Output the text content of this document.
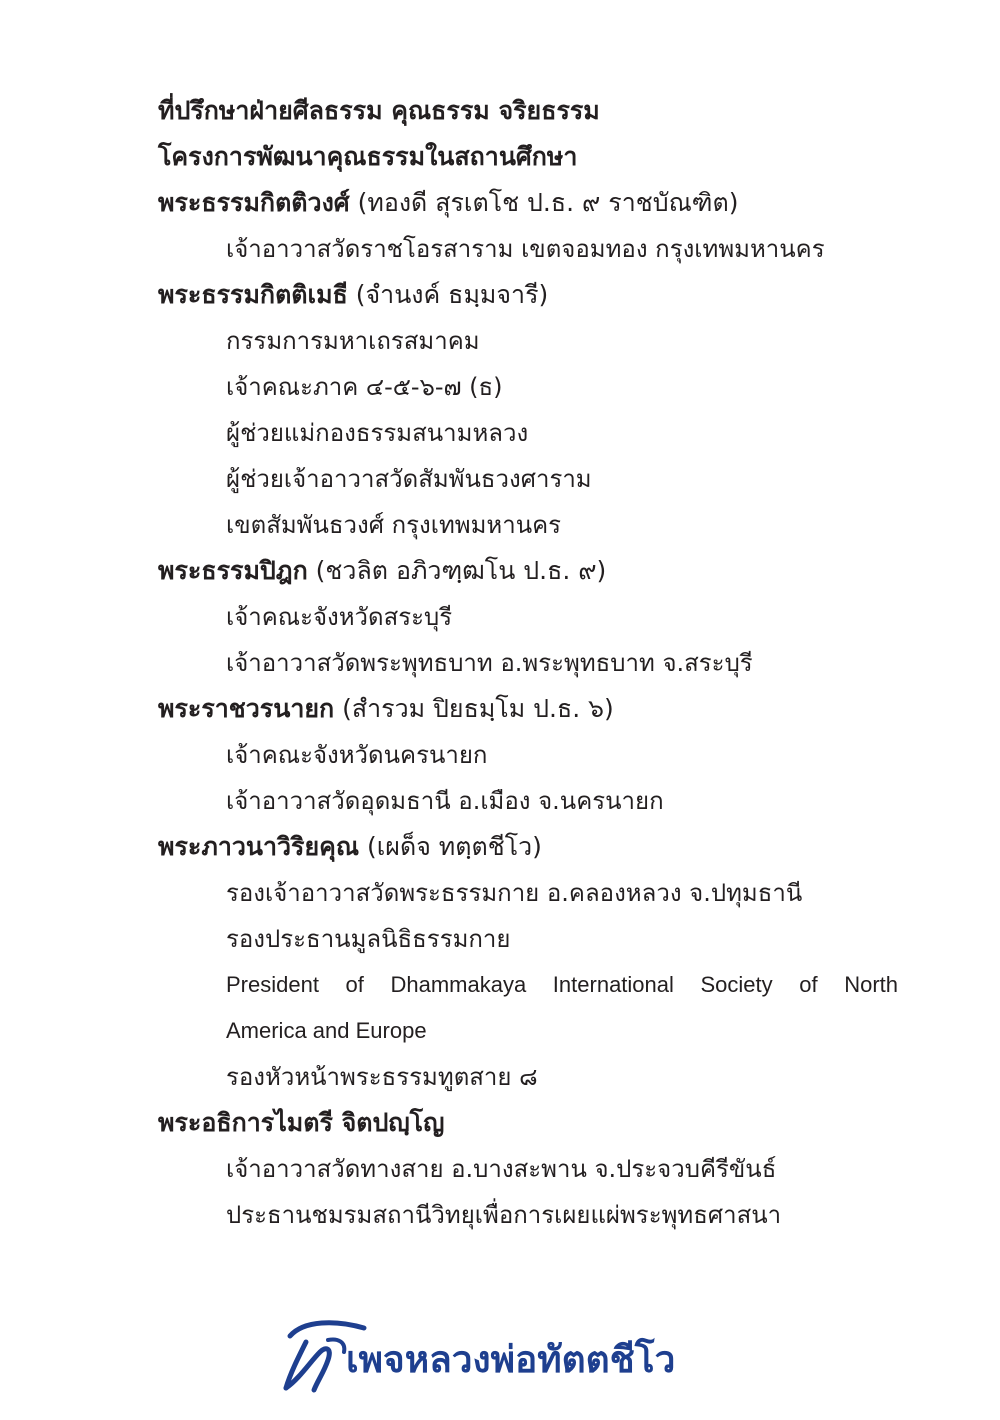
ที่ปรึกษาฝ่ายศีลธรรม คุณธรรม จริยธรรม
โครงการพัฒนาคุณธรรมในสถานศึกษา
พระธรรมกิตติวงศ์ (ทองดี สุรเตโช ป.ธ. ๙ ราชบัณฑิต)
เจ้าอาวาสวัดราชโอรสาราม เขตจอมทอง กรุงเทพมหานคร
พระธรรมกิตติเมธี (จำนงค์ ธมฺมจารี)
กรรมการมหาเถรสมาคม
เจ้าคณะภาค ๔-๕-๖-๗ (ธ)
ผู้ช่วยแม่กองธรรมสนามหลวง
ผู้ช่วยเจ้าอาวาสวัดสัมพันธวงศาราม
เขตสัมพันธวงศ์ กรุงเทพมหานคร
พระธรรมปิฎก (ชวลิต อภิวฑฺฒโน ป.ธ. ๙)
เจ้าคณะจังหวัดสระบุรี
เจ้าอาวาสวัดพระพุทธบาท อ.พระพุทธบาท จ.สระบุรี
พระราชวรนายก (สำรวม ปิยธมฺโม ป.ธ. ๖)
เจ้าคณะจังหวัดนครนายก
เจ้าอาวาสวัดอุดมธานี อ.เมือง จ.นครนายก
พระภาวนาวิริยคุณ (เผด็จ ทตฺตชีโว)
รองเจ้าอาวาสวัดพระธรรมกาย อ.คลองหลวง จ.ปทุมธานี
รองประธานมูลนิธิธรรมกาย
President of Dhammakaya International Society of North
America and Europe
รองหัวหน้าพระธรรมทูตสาย ๘
พระอธิการไมตรี จิตปญฺโญ
เจ้าอาวาสวัดทางสาย อ.บางสะพาน จ.ประจวบคีรีขันธ์
ประธานชมรมสถานีวิทยุเพื่อการเผยแผ่พระพุทธศาสนา
เพจหลวงพ่อทัตตชีโว
